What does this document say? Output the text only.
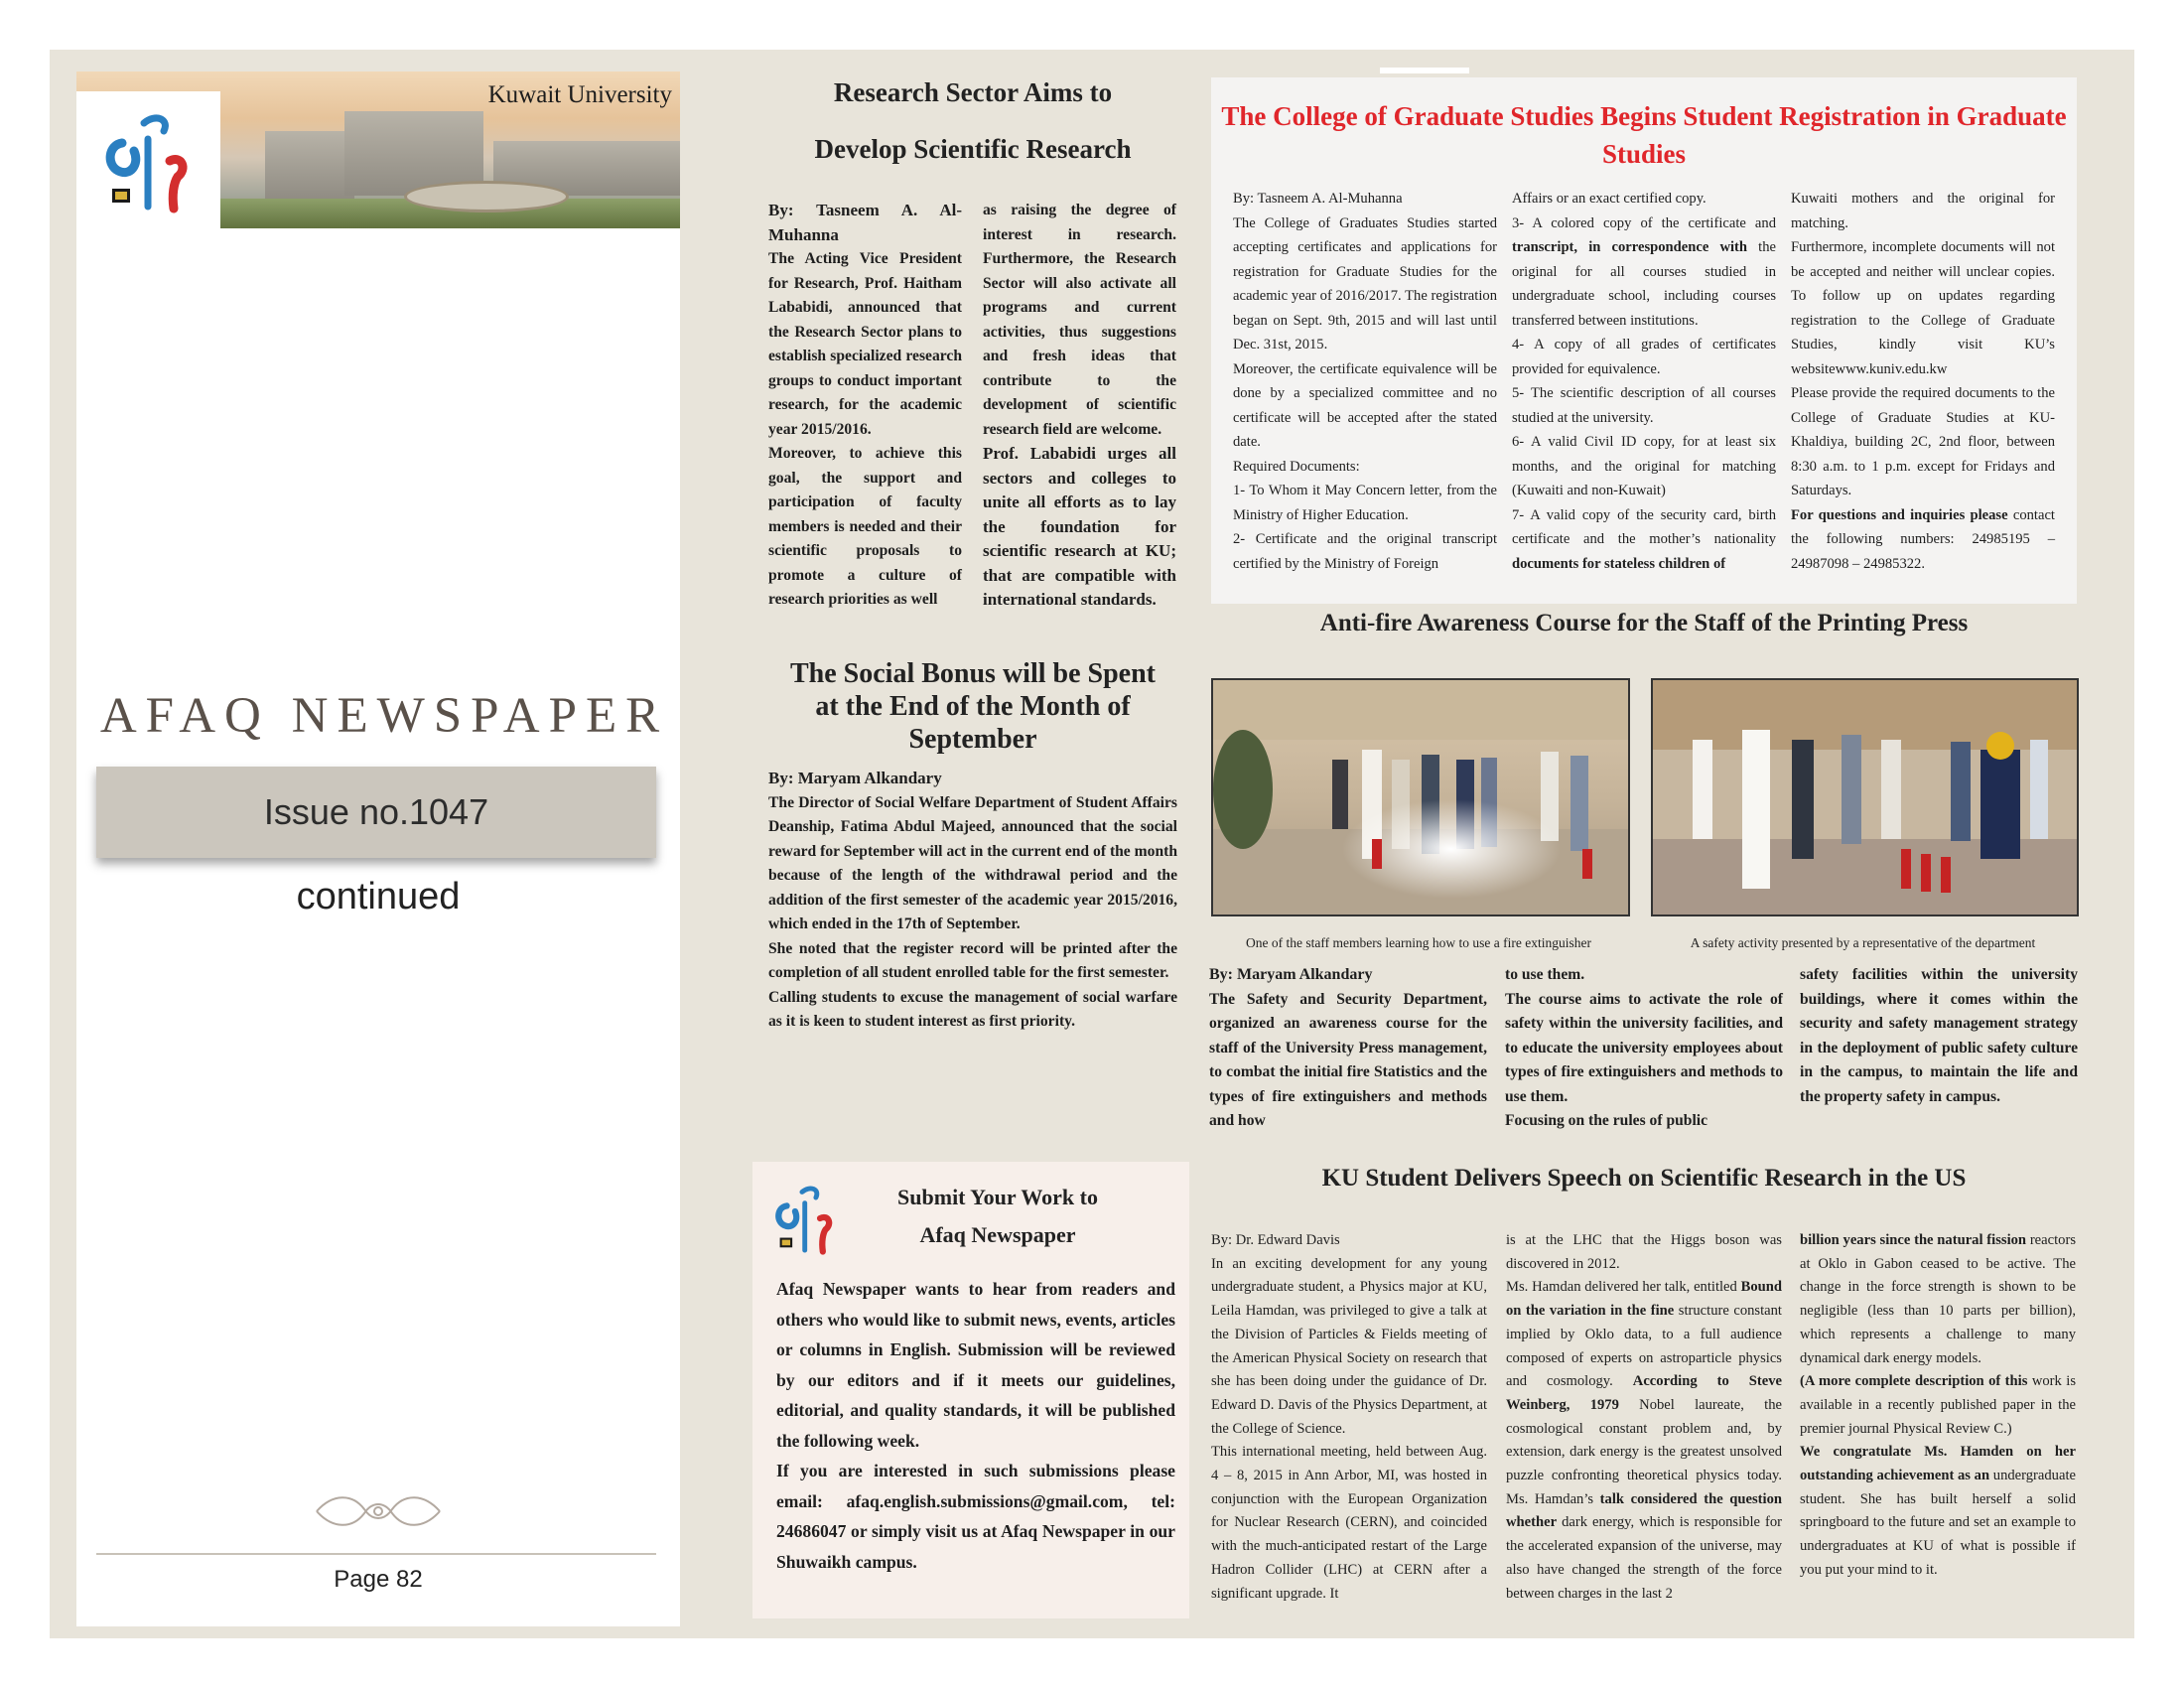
Kuwait University
AFAQ NEWSPAPER
Issue no.1047
continued
Page 82
Research Sector Aims to
Develop Scientific Research

By: Tasneem A. Al-Muhanna

The Acting Vice President for Research, Prof. Haitham Lababidi, announced that the Research Sector plans to establish specialized research groups to conduct important research, for the academic year 2015/2016.

Moreover, to achieve this goal, the support and participation of faculty members is needed and their scientific proposals to promote a culture of research priorities as well

as raising the degree of interest in research. Furthermore, the Research Sector will also activate all programs and current activities, thus suggestions and fresh ideas that contribute to the development of scientific research field are welcome.

Prof. Lababidi urges all sectors and colleges to unite all efforts as to lay the foundation for scientific research at KU; that are compatible with international standards.

The Social Bonus will be Spent at the End of the Month of September

By: Maryam Alkandary

The Director of Social Welfare Department of Student Affairs Deanship, Fatima Abdul Majeed, announced that the social reward for September will act in the current end of the month because of the length of the withdrawal period and the addition of the first semester of the academic year 2015/2016, which ended in the 17th of September.

She noted that the register record will be printed after the completion of all student enrolled table for the first semester.

Calling students to excuse the management of social warfare as it is keen to student interest as first priority.

The College of Graduate Studies Begins Student Registration in Graduate Studies
By: Tasneem A. Al-Muhanna
The College of Graduates Studies started accepting certificates and applications for registration for Graduate Studies for the academic year of 2016/2017. The registration began on Sept. 9th, 2015 and will last until Dec. 31st, 2015.
Moreover, the certificate equivalence will be done by a specialized committee and no certificate will be accepted after the stated date.
Required Documents:
1- To Whom it May Concern letter, from the Ministry of Higher Education.
2- Certificate and the original transcript certified by the Ministry of Foreign
Affairs or an exact certified copy.
3- A colored copy of the certificate and transcript, in correspondence with the original for all courses studied in undergraduate school, including courses transferred between institutions.
4- A copy of all grades of certificates provided for equivalence.
5- The scientific description of all courses studied at the university.
6- A valid Civil ID copy, for at least six months, and the original for matching (Kuwaiti and non-Kuwait)
7- A valid copy of the security card, birth certificate and the mother’s nationality documents for stateless children of
Kuwaiti mothers and the original for matching.
Furthermore, incomplete documents will not be accepted and neither will unclear copies. To follow up on updates regarding registration to the College of Graduate Studies, kindly visit KU’s websitewww.kuniv.edu.kw
Please provide the required documents to the College of Graduate Studies at KU- Khaldiya, building 2C, 2nd floor, between 8:30 a.m. to 1 p.m. except for Fridays and Saturdays.
For questions and inquiries please contact the following numbers: 24985195 – 24987098 – 24985322.
Anti-fire Awareness Course for the Staff of the Printing Press
One of the staff members learning how to use a fire extinguisher	A safety activity presented by a representative of the department

By: Maryam Alkandary

The Safety and Security Department, organized an awareness course for the staff of the University Press management, to combat the initial fire Statistics and the types of fire extinguishers and methods and how

to use them.
The course aims to activate the role of safety within the university facilities, and to educate the university employees about types of fire extinguishers and methods to use them.
Focusing on the rules of public
safety facilities within the university buildings, where it comes within the security and safety management strategy in the deployment of public safety culture in the campus, to maintain the life and the property safety in campus.
Submit Your Work to
Afaq Newspaper
Afaq Newspaper wants to hear from readers and others who would like to submit news, events, articles or columns in English. Submission will be reviewed by our editors and if it meets our guidelines, editorial, and quality standards, it will be published the following week.
If you are interested in such submissions please email: afaq.english.submissions@gmail.com, tel: 24686047 or simply visit us at Afaq Newspaper in our Shuwaikh campus.
KU Student Delivers Speech on Scientific Research in the US
By: Dr. Edward Davis
In an exciting development for any young undergraduate student, a Physics major at KU, Leila Hamdan, was privileged to give a talk at the Division of Particles & Fields meeting of the American Physical Society on research that she has been doing under the guidance of Dr. Edward D. Davis of the Physics Department, at the College of Science.
This international meeting, held between Aug. 4 – 8, 2015 in Ann Arbor, MI, was hosted in conjunction with the European Organization for Nuclear Research (CERN), and coincided with the much-anticipated restart of the Large Hadron Collider (LHC) at CERN after a significant upgrade. It
is at the LHC that the Higgs boson was discovered in 2012.
Ms. Hamdan delivered her talk, entitled Bound on the variation in the fine structure constant implied by Oklo data, to a full audience composed of experts on astroparticle physics and cosmology. According to Steve Weinberg, 1979 Nobel laureate, the cosmological constant problem and, by extension, dark energy is the greatest unsolved puzzle confronting theoretical physics today. Ms. Hamdan’s talk considered the question whether dark energy, which is responsible for the accelerated expansion of the universe, may also have changed the strength of the force between charges in the last 2
billion years since the natural fission reactors at Oklo in Gabon ceased to be active. The change in the force strength is shown to be negligible (less than 10 parts per billion), which represents a challenge to many dynamical dark energy models.
(A more complete description of this work is available in a recently published paper in the premier journal Physical Review C.)
We congratulate Ms. Hamden on her outstanding achievement as an undergraduate student. She has built herself a solid springboard to the future and set an example to undergraduates at KU of what is possible if you put your mind to it.
